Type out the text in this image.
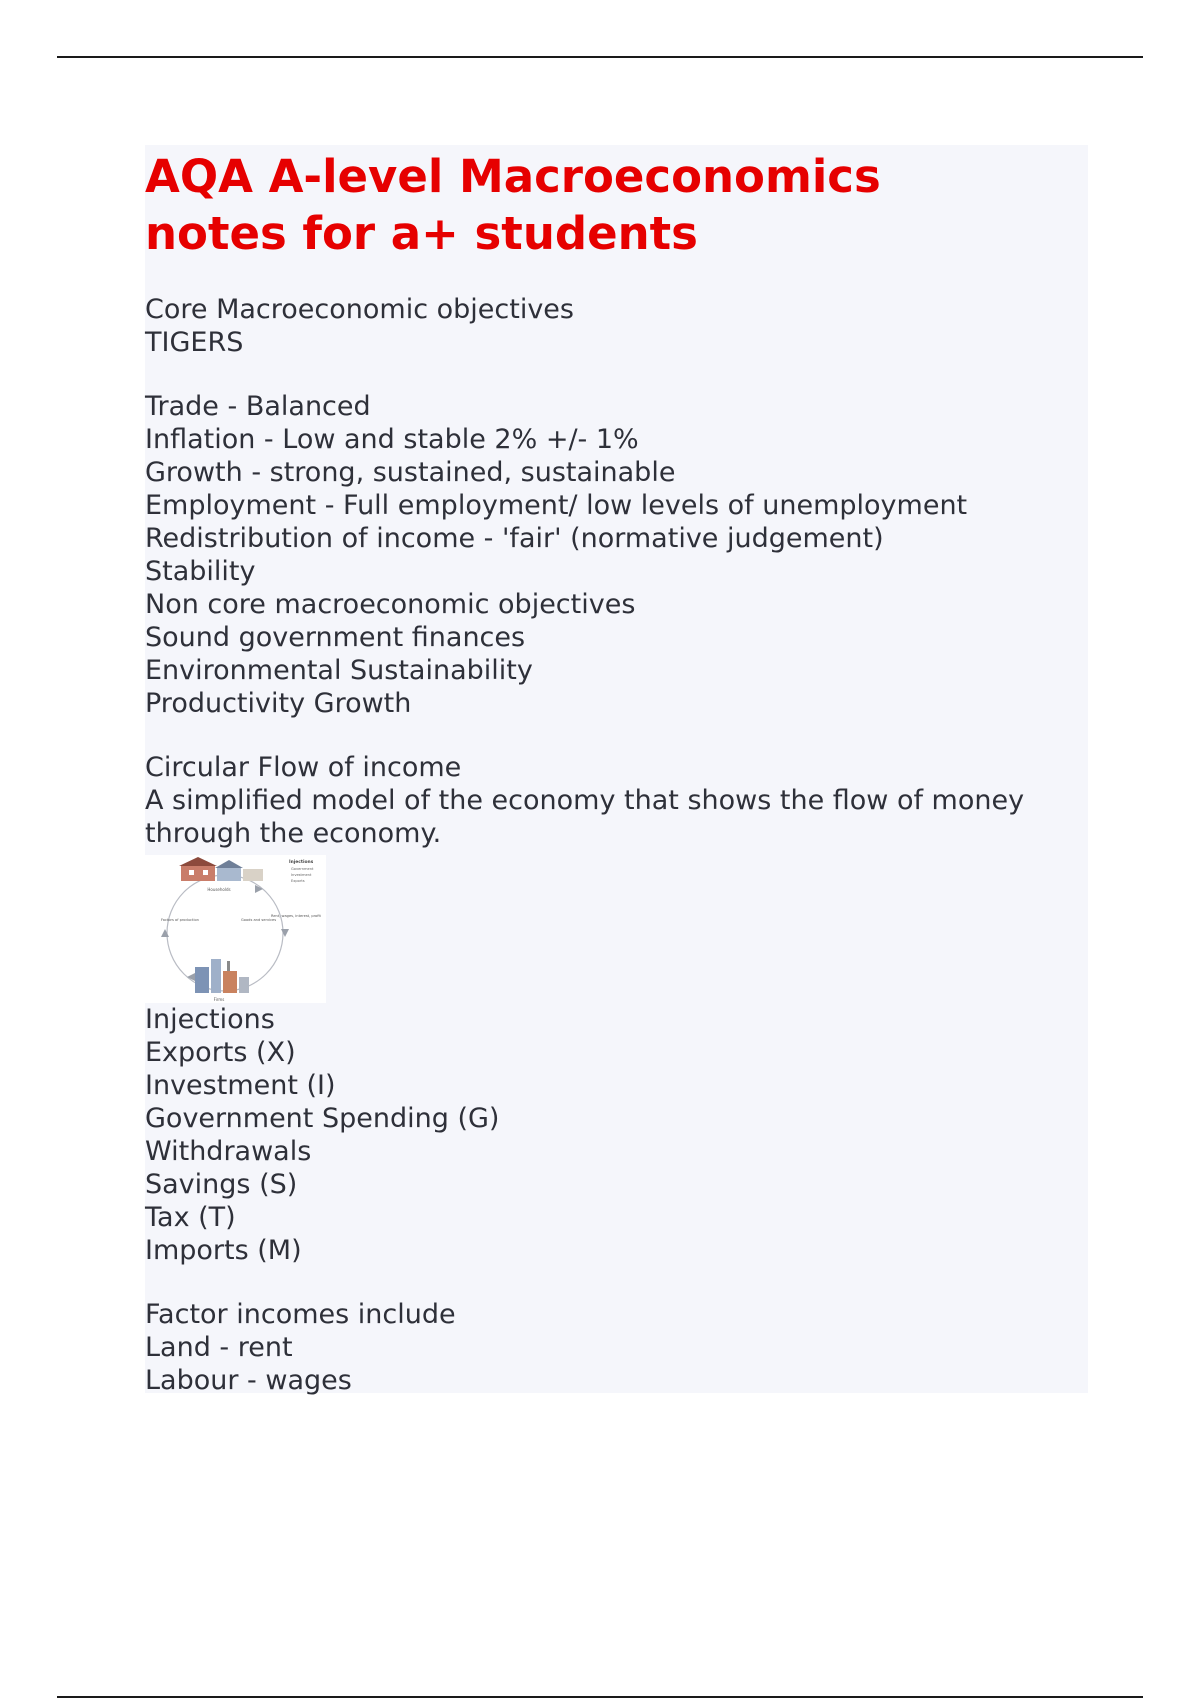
AQA A-level Macroeconomics
notes for a+ students

Core Macroeconomic objectives

TIGERS

Trade - Balanced

Inflation - Low and stable 2% +/- 1%

Growth - strong, sustained, sustainable

Employment - Full employment/ low levels of unemployment

Redistribution of income - 'fair' (normative judgement)

Stability

Non core macroeconomic objectives

Sound government finances

Environmental Sustainability

Productivity Growth

Circular Flow of income

A simplified model of the economy that shows the flow of money

through the economy.

Households
Firms
Factors of production	Goods and services
Rent, wages, interest, profit
Injections
Government
Investment
Exports

Injections

Exports (X)

Investment (I)

Government Spending (G)

Withdrawals

Savings (S)

Tax (T)

Imports (M)

Factor incomes include

Land - rent

Labour - wages
